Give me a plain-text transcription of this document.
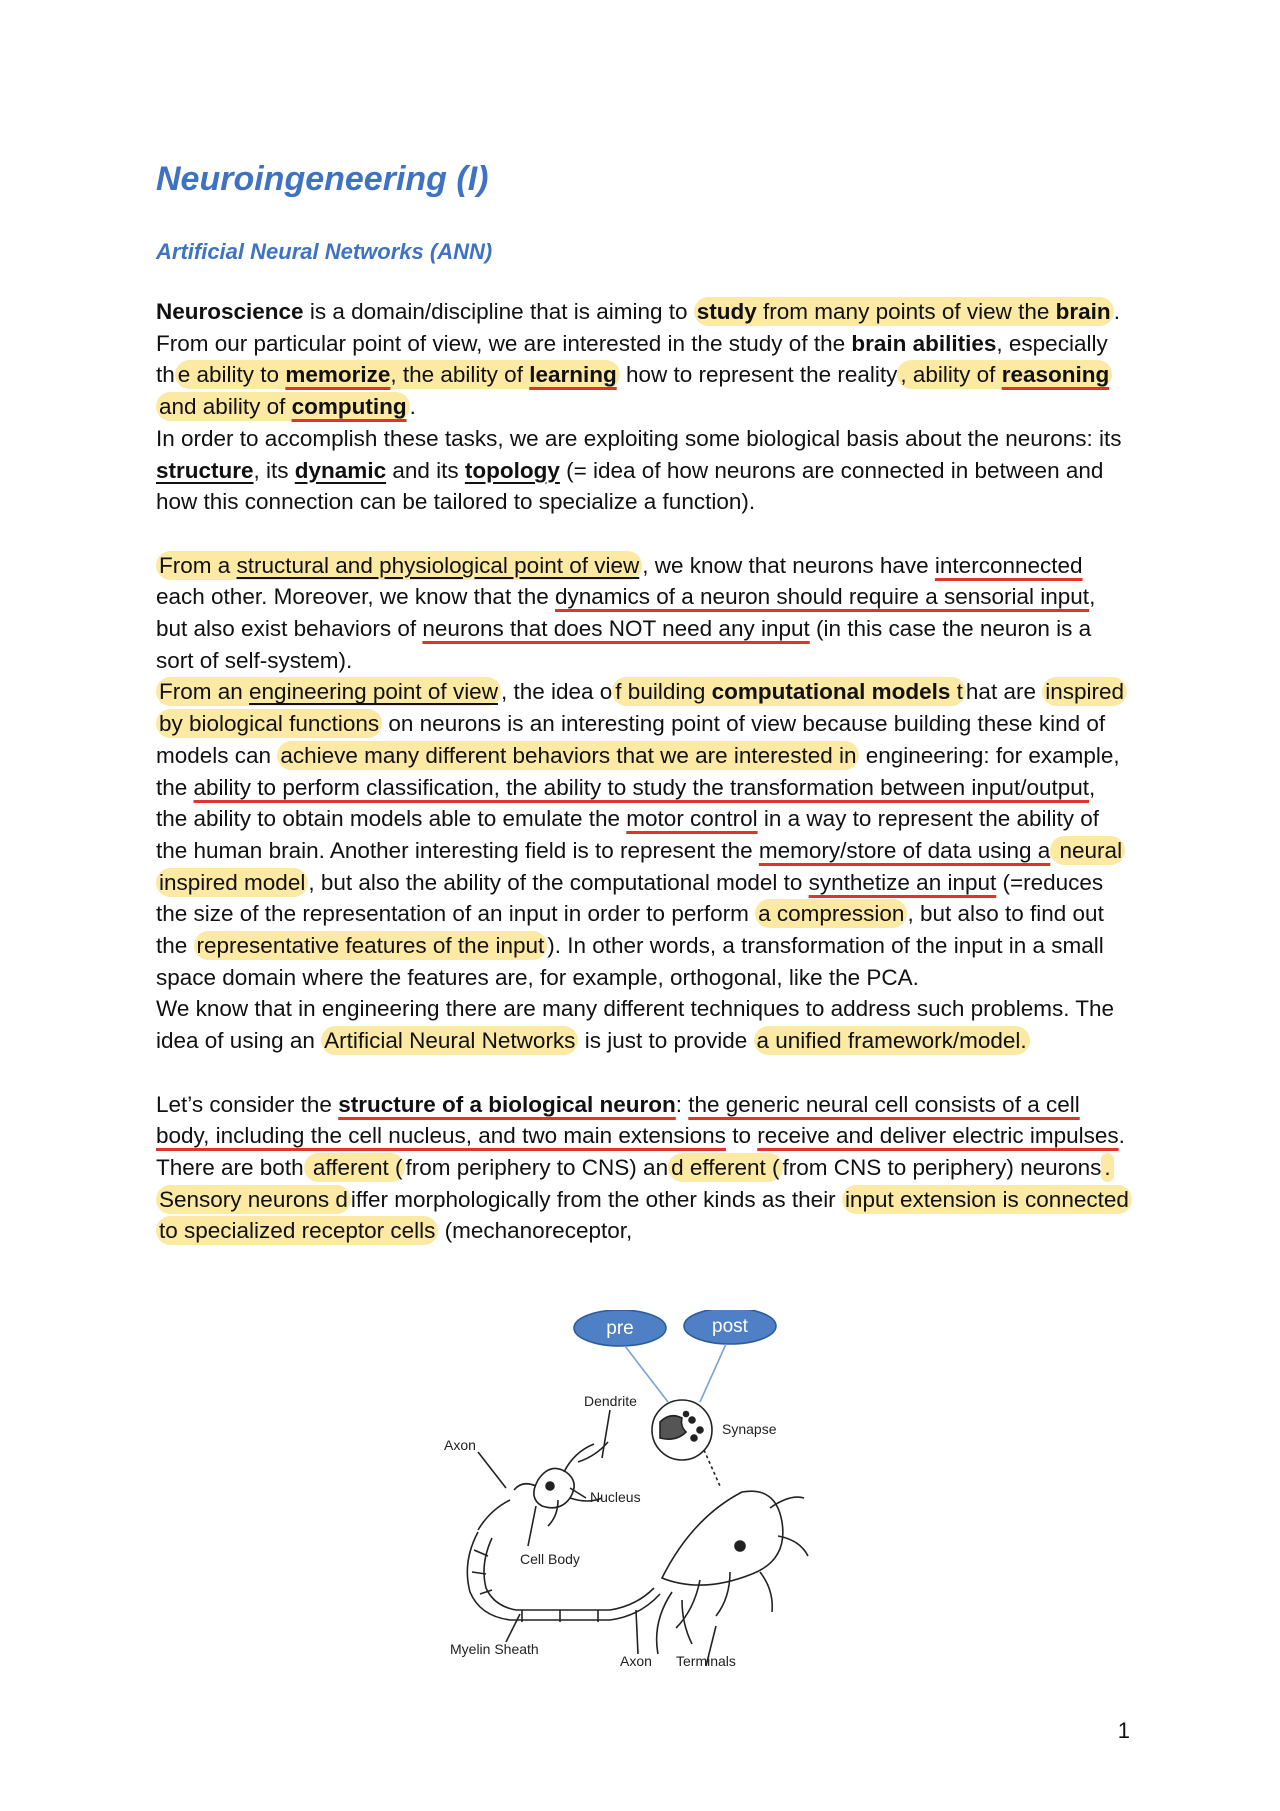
Neuroingeneering (I)
Artificial Neural Networks (ANN)

Neuroscience is a domain/discipline that is aiming to study from many points of view the brain . From our particular point of view, we are interested in the study of the brain abilities, especially th e ability to memorize, the ability of learning how to represent the reality , ability of reasoning and ability of computing .

In order to accomplish these tasks, we are exploiting some biological basis about the neurons: its structure, its dynamic and its topology (= idea of how neurons are connected in between and how this connection can be tailored to specialize a function).

From a structural and physiological point of view , we know that neurons have interconnected each other. Moreover, we know that the dynamics of a neuron should require a sensorial input, but also exist behaviors of neurons that does NOT need any input (in this case the neuron is a sort of self-system).

From an engineering point of view , the idea o f building computational models t hat are inspired by biological functions on neurons is an interesting point of view because building these kind of models can achieve many different behaviors that we are interested in engineering: for example, the ability to perform classification, the ability to study the transformation between input/output, the ability to obtain models able to emulate the motor control in a way to represent the ability of the human brain. Another interesting field is to represent the memory/store of data using a neural inspired model , but also the ability of the computational model to synthetize an input (=reduces the size of the representation of an input in order to perform a compression , but also to find out the representative features of the input ). In other words, a transformation of the input in a small space domain where the features are, for example, orthogonal, like the PCA.

We know that in engineering there are many different techniques to address such problems. The idea of using an Artificial Neural Networks is just to provide a unified framework/model.

Let’s consider the structure of a biological neuron: the generic neural cell consists of a cell body, including the cell nucleus, and two main extensions to receive and deliver electric impulses. There are both afferent ( from periphery to CNS) an d efferent ( from CNS to periphery) neurons . Sensory neurons d iffer morphologically from the other kinds as their input extension is connected to specialized receptor cells (mechanoreceptor,

pre	post
Dendrite
Synapse
Axon
Nucleus
Cell Body
Myelin Sheath
Axon Terminals
1
